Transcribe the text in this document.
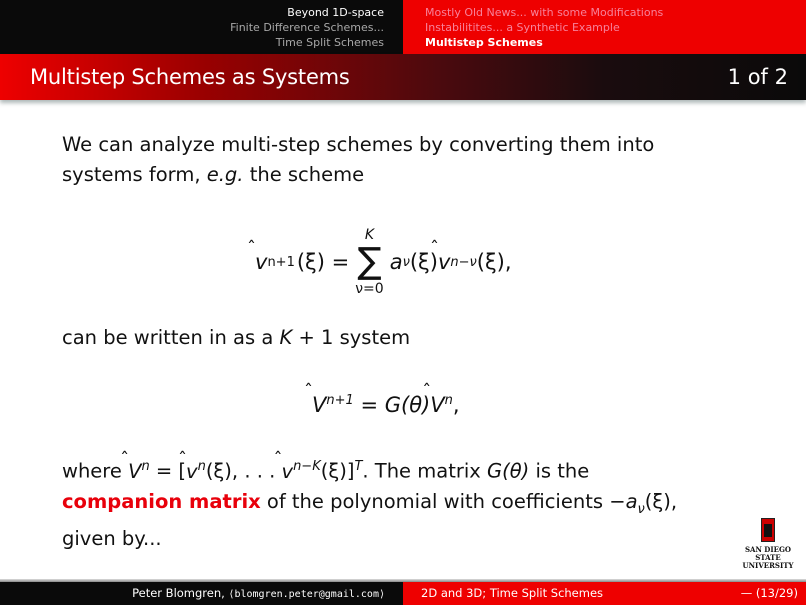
Beyond 1D-space
Finite Difference Schemes...
Time Split Schemes
Mostly Old News... with some Modifications
Instabilitites... a Synthetic Example
Multistep Schemes
Multistep Schemes as Systems	1 of 2
We can analyze multi-step schemes by converting them into
systems form, e.g. the scheme
̂ v n+1 (ξ) =
K
∑
ν=0
a ν (ξ) ̂ v n−ν (ξ),
can be written in as a K + 1 system
̂ $V^{n+1}$ = G(θ)̂ $V^n$,
where ̂ $V^n$ = [̂ $v^n(\xi)$, . . . ̂ $v^{n-K}(\xi)]^T$. The matrix G(θ) is the
companion matrix of the polynomial with coefficients $-a_\nu(\xi)$,
given by...	SAN DIEGO STATE
UNIVERSITY
Peter Blomgren, ⟨blomgren.peter@gmail.com⟩	2D and 3D; Time Split Schemes	— (13/29)
